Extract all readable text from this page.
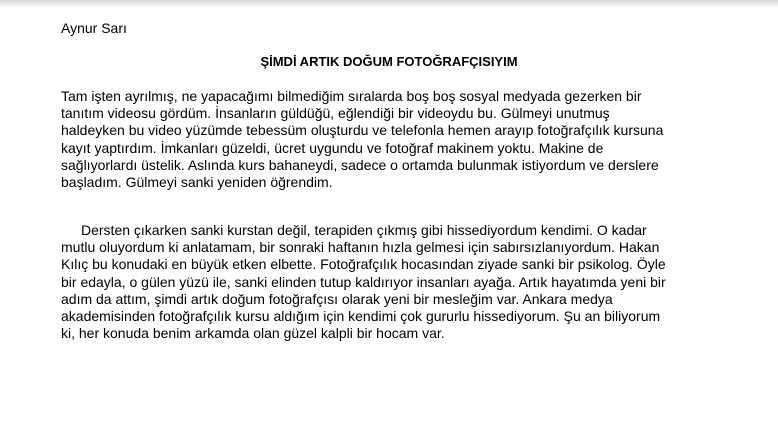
Aynur Sarı
ŞİMDİ ARTIK DOĞUM FOTOĞRAFÇISIYIM
Tam işten ayrılmış, ne yapacağımı bilmediğim sıralarda boş boş sosyal medyada gezerken bir
tanıtım videosu gördüm. İnsanların güldüğü, eğlendiği bir videoydu bu. Gülmeyi unutmuş
haldeyken bu video yüzümde tebessüm oluşturdu ve telefonla hemen arayıp fotoğrafçılık kursuna
kayıt yaptırdım. İmkanları güzeldi, ücret uygundu ve fotoğraf makinem yoktu. Makine de
sağlıyorlardı üstelik. Aslında kurs bahaneydi, sadece o ortamda bulunmak istiyordum ve derslere
başladım. Gülmeyi sanki yeniden öğrendim.
Dersten çıkarken sanki kurstan değil, terapiden çıkmış gibi hissediyordum kendimi. O kadar
mutlu oluyordum ki anlatamam, bir sonraki haftanın hızla gelmesi için sabırsızlanıyordum. Hakan
Kılıç bu konudaki en büyük etken elbette. Fotoğrafçılık hocasından ziyade sanki bir psikolog. Öyle
bir edayla, o gülen yüzü ile, sanki elinden tutup kaldırıyor insanları ayağa. Artık hayatımda yeni bir
adım da attım, şimdi artık doğum fotoğrafçısı olarak yeni bir mesleğim var. Ankara medya
akademisinden fotoğrafçılık kursu aldığım için kendimi çok gururlu hissediyorum. Şu an biliyorum
ki, her konuda benim arkamda olan güzel kalpli bir hocam var.
